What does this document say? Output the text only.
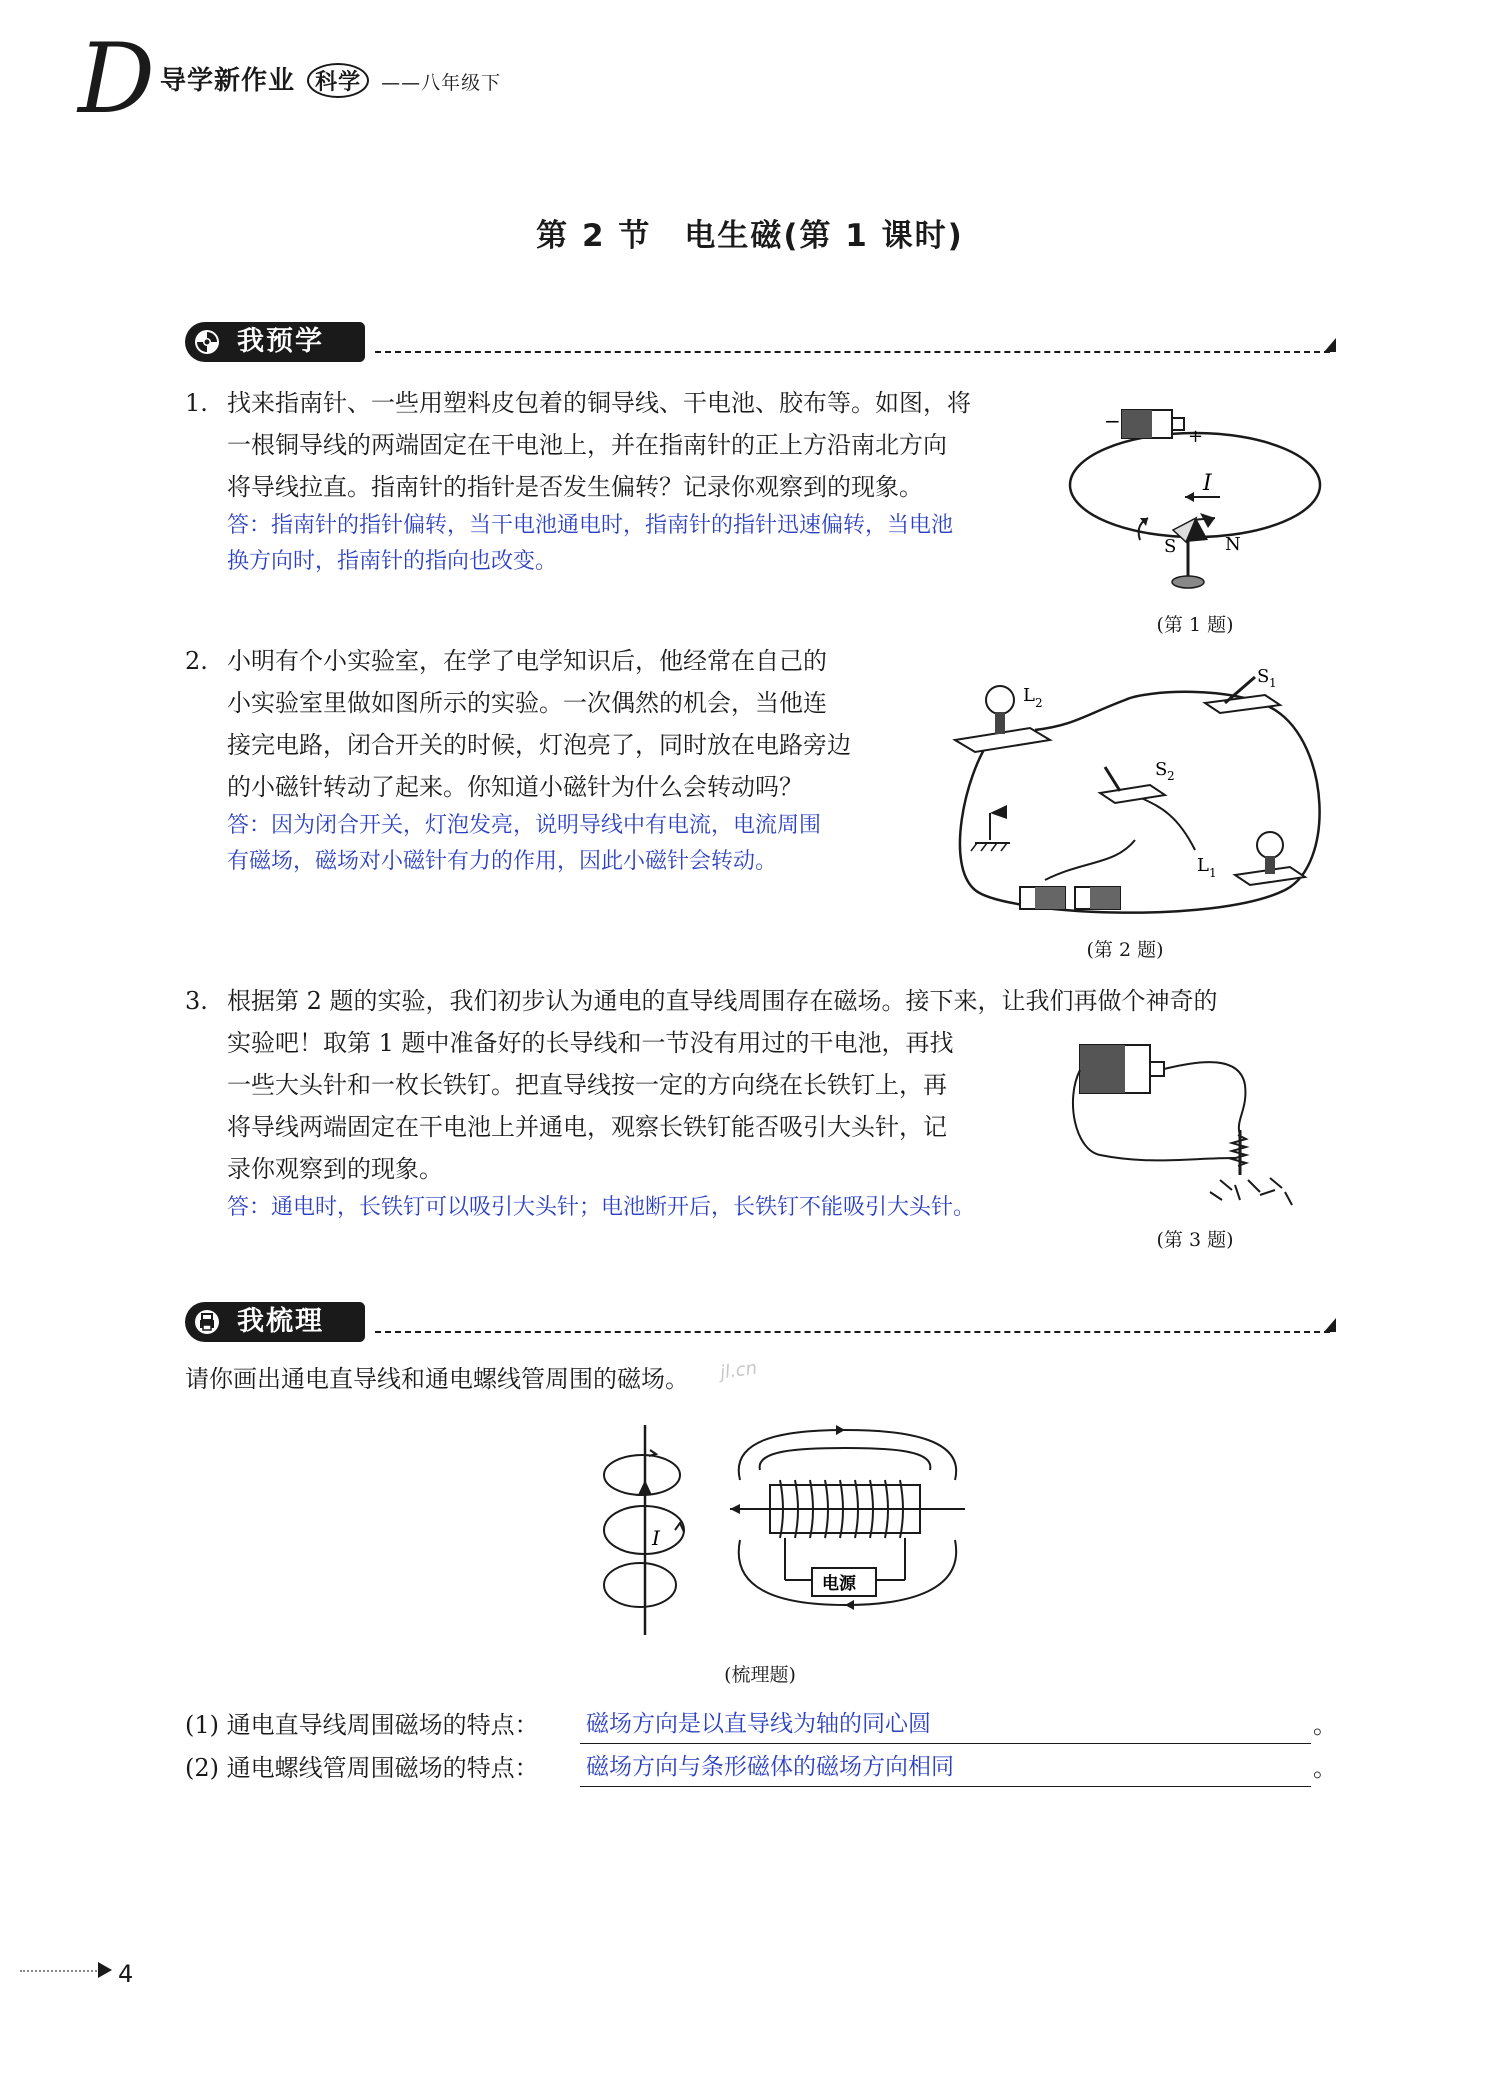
D 导学新作业 科学 ——八年级下
第 2 节　电生磁(第 1 课时)
我预学
1. 找来指南针、一些用塑料皮包着的铜导线、干电池、胶布等。如图，将
一根铜导线的两端固定在干电池上，并在指南针的正上方沿南北方向
将导线拉直。指南针的指针是否发生偏转？记录你观察到的现象。
答：指南针的指针偏转，当干电池通电时，指南针的指针迅速偏转，当电池
换方向时，指南针的指向也改变。
−
+
I
S	N
(第 1 题)
2. 小明有个小实验室，在学了电学知识后，他经常在自己的
小实验室里做如图所示的实验。一次偶然的机会，当他连
接完电路，闭合开关的时候，灯泡亮了，同时放在电路旁边
的小磁针转动了起来。你知道小磁针为什么会转动吗？
答：因为闭合开关，灯泡发亮，说明导线中有电流，电流周围
有磁场，磁场对小磁针有力的作用，因此小磁针会转动。
L 2
S 1
S 2
L 1
(第 2 题)
3. 根据第 2 题的实验，我们初步认为通电的直导线周围存在磁场。接下来，让我们再做个神奇的
实验吧！取第 1 题中准备好的长导线和一节没有用过的干电池，再找
一些大头针和一枚长铁钉。把直导线按一定的方向绕在长铁钉上，再
将导线两端固定在干电池上并通电，观察长铁钉能否吸引大头针，记
录你观察到的现象。
答：通电时，长铁钉可以吸引大头针；电池断开后，长铁钉不能吸引大头针。
(第 3 题)
我梳理
请你画出通电直导线和通电螺线管周围的磁场。	jl.cn
I
电源
(梳理题)
(1) 通电直导线周围磁场的特点： 磁场方向是以直导线为轴的同心圆	。
(2) 通电螺线管周围磁场的特点： 磁场方向与条形磁体的磁场方向相同	。
4
